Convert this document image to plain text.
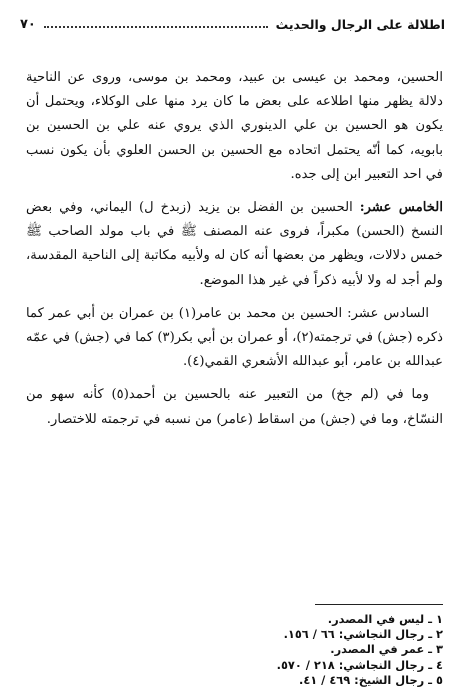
اطلالة على الرجال والحديث
٧٠

الحسين، ومحمد بن عيسى بن عبيد، ومحمد بن موسى، وروى عن الناحية دلالة يظهر منها اطلاعه على بعض ما كان يرد منها على الوكلاء، ويحتمل أن يكون هو الحسين بن علي الدينوري الذي يروي عنه علي بن الحسين بن بابويه، كما أنّه يحتمل اتحاده مع الحسين بن الحسن العلوي بأن يكون نسب في احد التعبير ابن إلى جده.

الخامس عشر: الحسين بن الفضل بن يزيد (زبدخ ل) اليماني، وفي بعض النسخ (الحسن) مكبراً، فروى عنه المصنف ﷺ في باب مولد الصاحب ﷺ خمس دلالات، ويظهر من بعضها أنه كان له ولأبيه مكاتبة إلى الناحية المقدسة، ولم أجد له ولا لأبيه ذكراً في غير هذا الموضع.

السادس عشر: الحسين بن محمد بن عامر(١) بن عمران بن أبي عمر كما ذكره (جش) في ترجمته(٢)، أو عمران بن أبي بكر(٣) كما في (جش) في عمّه عبدالله بن عامر، أبو عبدالله الأشعري القمي(٤).

وما في (لم جخ) من التعبير عنه بالحسين بن أحمد(٥) كأنه سهو من النسّاخ، وما في (جش) من اسقاط (عامر) من نسبه في ترجمته للاختصار.

١ ـ ليس في المصدر.
٢ ـ رجال النجاشي: ٦٦ / ١٥٦.
٣ ـ عمر في المصدر.
٤ ـ رجال النجاشي: ٢١٨ / ٥٧٠.
٥ ـ رجال الشيخ: ٤٦٩ / ٤١.
